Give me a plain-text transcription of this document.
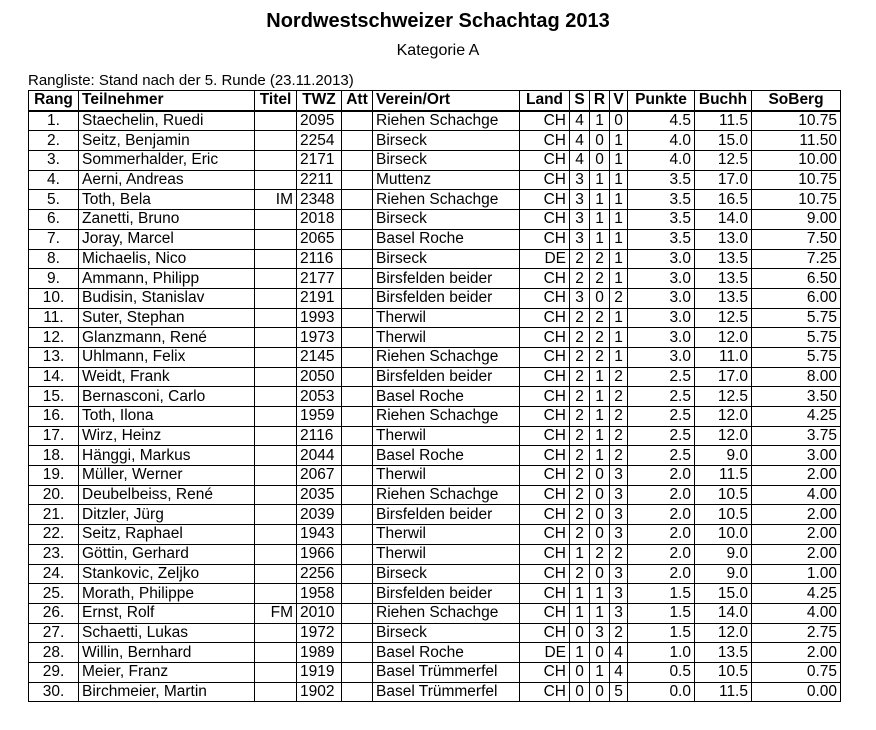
Nordwestschweizer Schachtag 2013
Kategorie A
Rangliste: Stand nach der 5. Runde (23.11.2013)
Rang	Teilnehmer	Titel	TWZ	Att	Verein/Ort	Land	S	R	V	Punkte	Buchh	SoBerg
1.	Staechelin, Ruedi		2095		Riehen Schachge	CH	4	1	0	4.5	11.5	10.75
2.	Seitz, Benjamin		2254		Birseck	CH	4	0	1	4.0	15.0	11.50
3.	Sommerhalder, Eric		2171		Birseck	CH	4	0	1	4.0	12.5	10.00
4.	Aerni, Andreas		2211		Muttenz	CH	3	1	1	3.5	17.0	10.75
5.	Toth, Bela	IM	2348		Riehen Schachge	CH	3	1	1	3.5	16.5	10.75
6.	Zanetti, Bruno		2018		Birseck	CH	3	1	1	3.5	14.0	9.00
7.	Joray, Marcel		2065		Basel Roche	CH	3	1	1	3.5	13.0	7.50
8.	Michaelis, Nico		2116		Birseck	DE	2	2	1	3.0	13.5	7.25
9.	Ammann, Philipp		2177		Birsfelden beider	CH	2	2	1	3.0	13.5	6.50
10.	Budisin, Stanislav		2191		Birsfelden beider	CH	3	0	2	3.0	13.5	6.00
11.	Suter, Stephan		1993		Therwil	CH	2	2	1	3.0	12.5	5.75
12.	Glanzmann, René		1973		Therwil	CH	2	2	1	3.0	12.0	5.75
13.	Uhlmann, Felix		2145		Riehen Schachge	CH	2	2	1	3.0	11.0	5.75
14.	Weidt, Frank		2050		Birsfelden beider	CH	2	1	2	2.5	17.0	8.00
15.	Bernasconi, Carlo		2053		Basel Roche	CH	2	1	2	2.5	12.5	3.50
16.	Toth, Ilona		1959		Riehen Schachge	CH	2	1	2	2.5	12.0	4.25
17.	Wirz, Heinz		2116		Therwil	CH	2	1	2	2.5	12.0	3.75
18.	Hänggi, Markus		2044		Basel Roche	CH	2	1	2	2.5	9.0	3.00
19.	Müller, Werner		2067		Therwil	CH	2	0	3	2.0	11.5	2.00
20.	Deubelbeiss, René		2035		Riehen Schachge	CH	2	0	3	2.0	10.5	4.00
21.	Ditzler, Jürg		2039		Birsfelden beider	CH	2	0	3	2.0	10.5	2.00
22.	Seitz, Raphael		1943		Therwil	CH	2	0	3	2.0	10.0	2.00
23.	Göttin, Gerhard		1966		Therwil	CH	1	2	2	2.0	9.0	2.00
24.	Stankovic, Zeljko		2256		Birseck	CH	2	0	3	2.0	9.0	1.00
25.	Morath, Philippe		1958		Birsfelden beider	CH	1	1	3	1.5	15.0	4.25
26.	Ernst, Rolf	FM	2010		Riehen Schachge	CH	1	1	3	1.5	14.0	4.00
27.	Schaetti, Lukas		1972		Birseck	CH	0	3	2	1.5	12.0	2.75
28.	Willin, Bernhard		1989		Basel Roche	DE	1	0	4	1.0	13.5	2.00
29.	Meier, Franz		1919		Basel Trümmerfel	CH	0	1	4	0.5	10.5	0.75
30.	Birchmeier, Martin		1902		Basel Trümmerfel	CH	0	0	5	0.0	11.5	0.00
